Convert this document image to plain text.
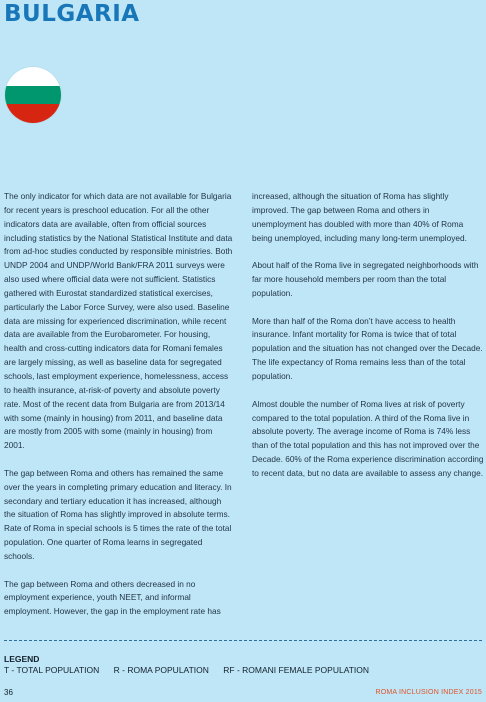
BULGARIA

The only indicator for which data are not available for Bulgaria for recent years is preschool education. For all the other indicators data are available, often from official sources including statistics by the National Statistical Institute and data from ad-hoc studies conducted by responsible ministries. Both UNDP 2004 and UNDP/World Bank/FRA 2011 surveys were also used where official data were not sufficient. Statistics gathered with Eurostat standardized statistical exercises, particularly the Labor Force Survey, were also used. Baseline data are missing for experienced discrimination, while recent data are available from the Eurobarometer. For housing, health and cross-cutting indicators data for Romani females are largely missing, as well as baseline data for segregated schools, last employment experience, homelessness, access to health insurance, at-risk-of poverty and absolute poverty rate. Most of the recent data from Bulgaria are from 2013/14 with some (mainly in housing) from 2011, and baseline data are mostly from 2005 with some (mainly in housing) from 2001.

The gap between Roma and others has remained the same over the years in completing primary education and literacy. In secondary and tertiary education it has increased, although the situation of Roma has slightly improved in absolute terms. Rate of Roma in special schools is 5 times the rate of the total population. One quarter of Roma learns in segregated schools.

The gap between Roma and others decreased in no employment experience, youth NEET, and informal employment. However, the gap in the employment rate has

increased, although the situation of Roma has slightly improved. The gap between Roma and others in unemployment has doubled with more than 40% of Roma being unemployed, including many long-term unemployed.

About half of the Roma live in segregated neighborhoods with far more household members per room than the total population.

More than half of the Roma don’t have access to health insurance. Infant mortality for Roma is twice that of total population and the situation has not changed over the Decade. The life expectancy of Roma remains less than of the total population.

Almost double the number of Roma lives at risk of poverty compared to the total population. A third of the Roma live in absolute poverty. The average income of Roma is 74% less than of the total population and this has not improved over the Decade. 60% of the Roma experience discrimination according to recent data, but no data are available to assess any change.

LEGEND
T - TOTAL POPULATION R - ROMA POPULATION RF - ROMANI FEMALE POPULATION
36	ROMA INCLUSION INDEX 2015
